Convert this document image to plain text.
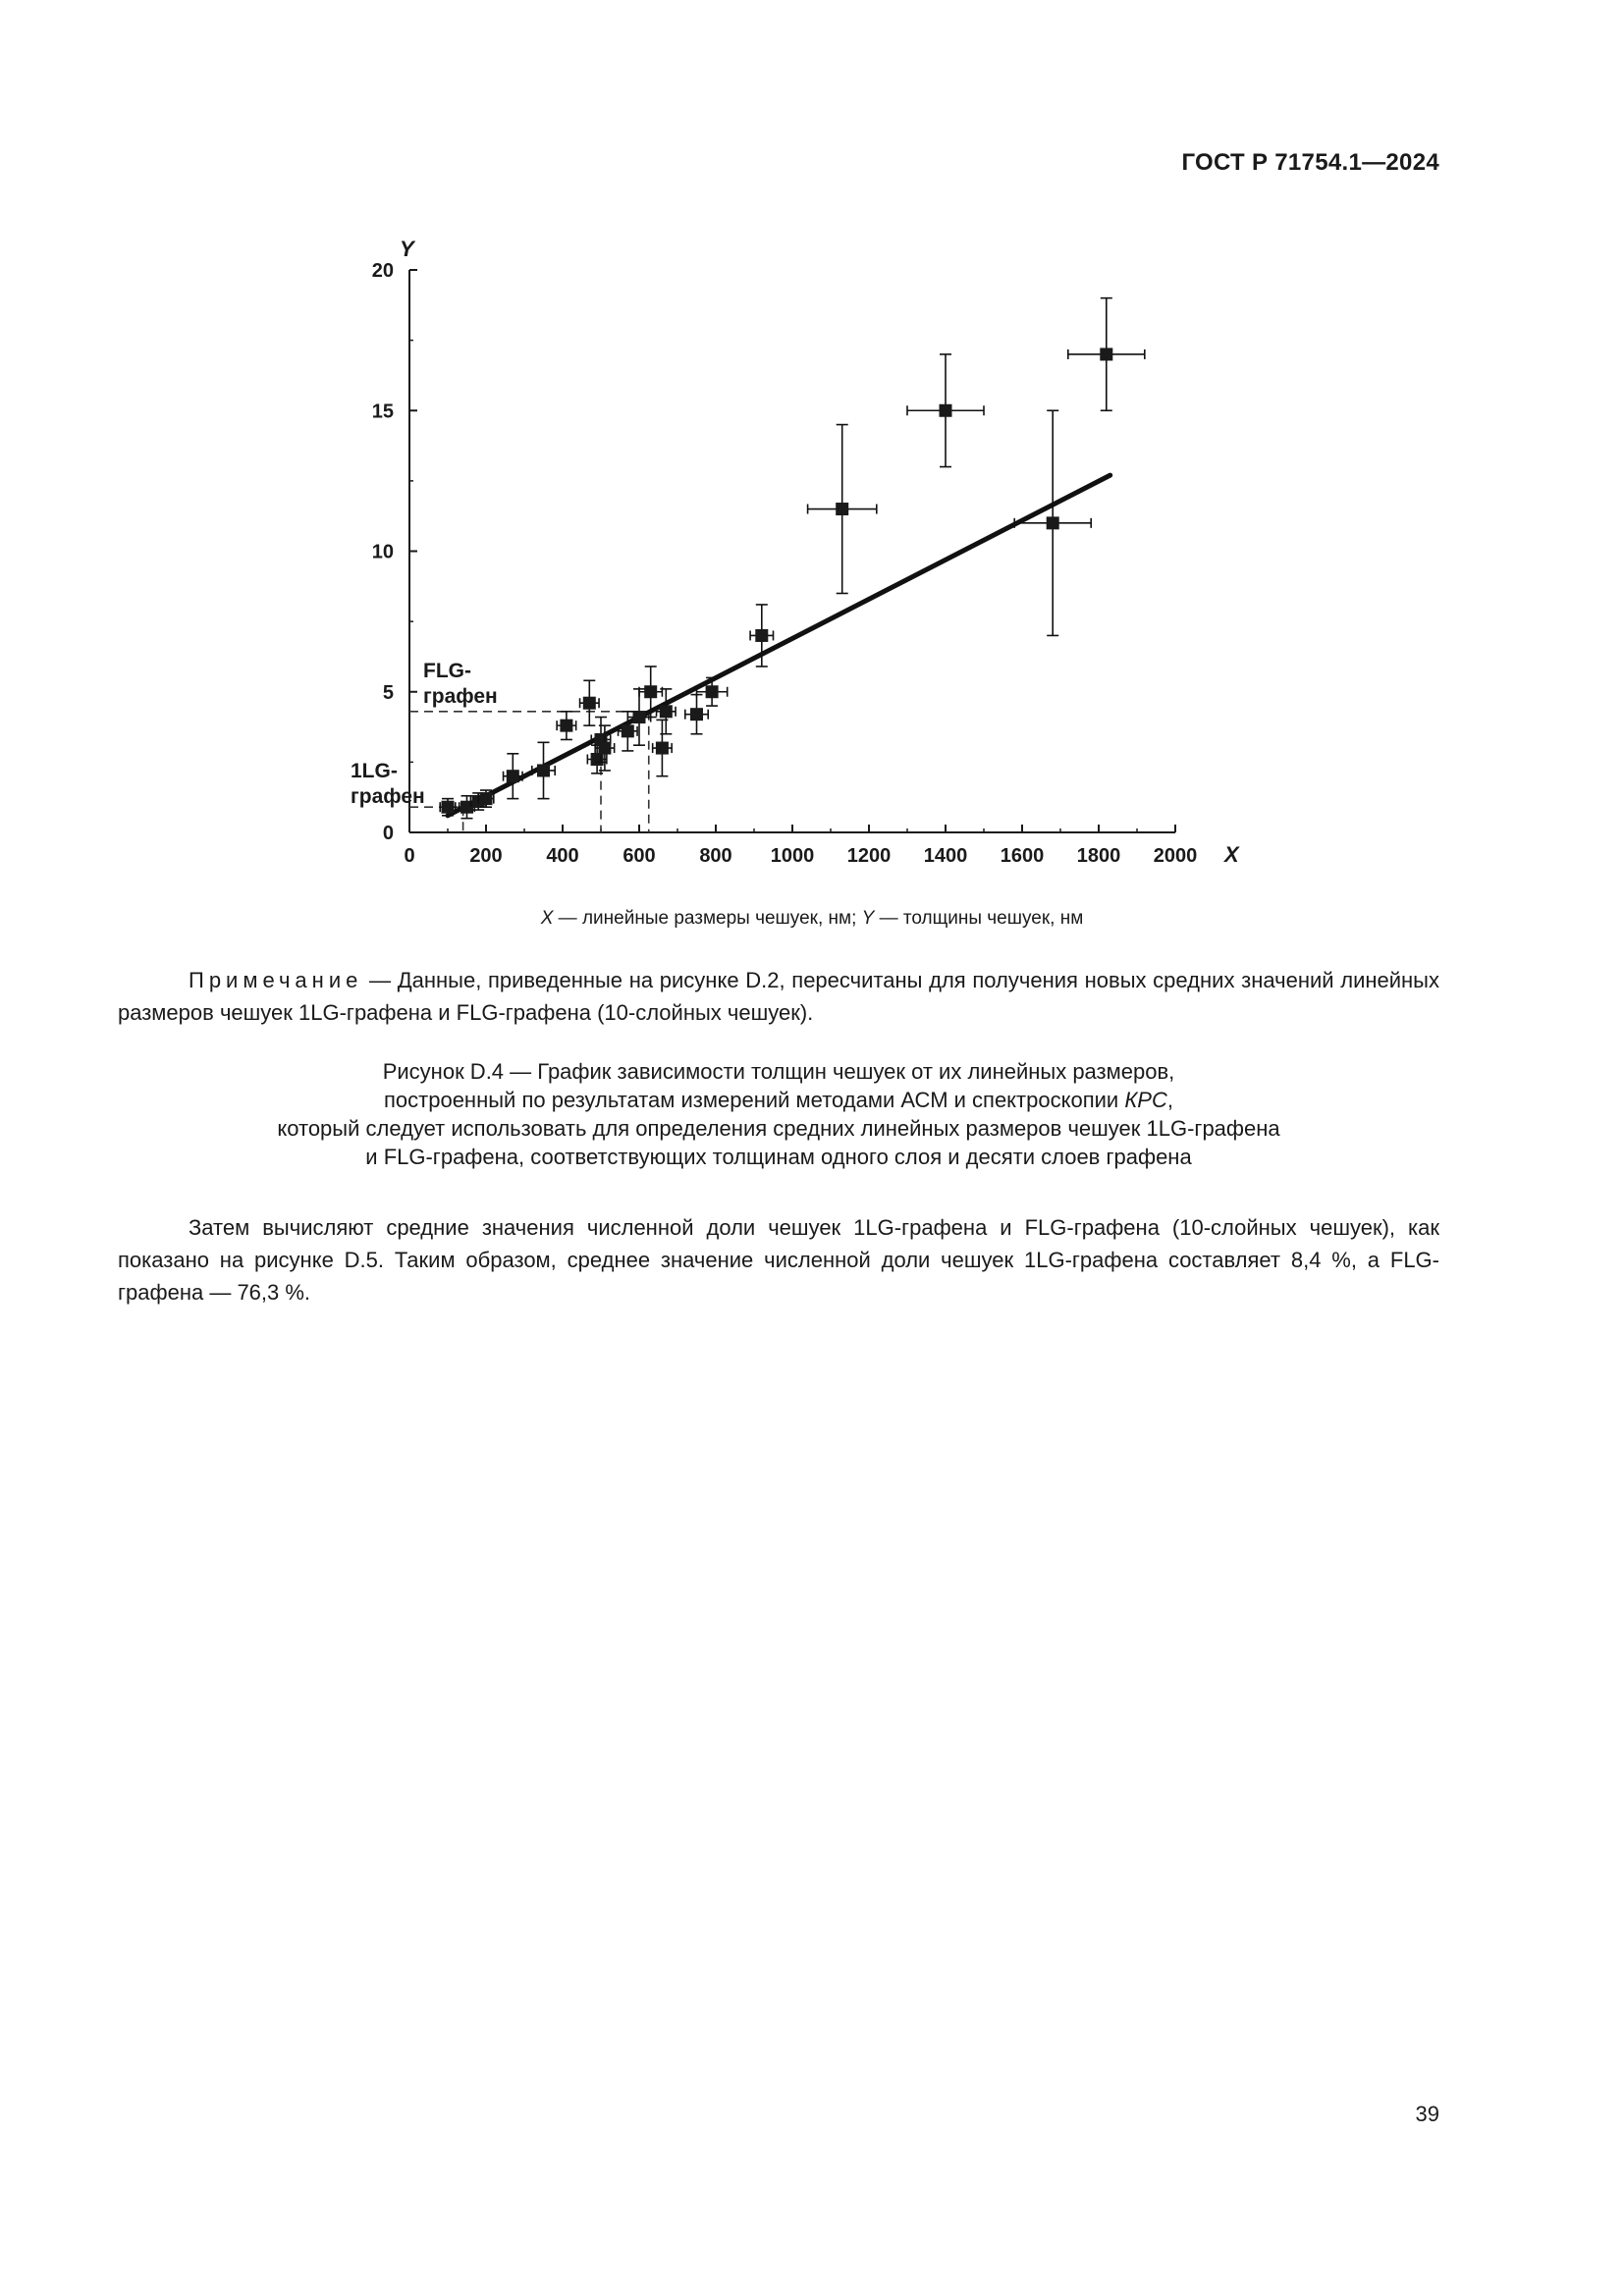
ГОСТ Р 71754.1—2024
0	200 400 600 800 1000 1200 1400 1600 1800 2000
0
5
10
15
20
X
Y
1LG-
графен
FLG-
графен
X — линейные размеры чешуек, нм; Y — толщины чешуек, нм
Примечание — Данные, приведенные на рисунке D.2, пересчитаны для получения новых средних значений линейных размеров чешуек 1LG-графена и FLG-графена (10-слойных чешуек).
Рисунок D.4 — График зависимости толщин чешуек от их линейных размеров,
построенный по результатам измерений методами АСМ и спектроскопии КРС,
который следует использовать для определения средних линейных размеров чешуек 1LG-графена
и FLG-графена, соответствующих толщинам одного слоя и десяти слоев графена
Затем вычисляют средние значения численной доли чешуек 1LG-графена и FLG-графена (10-слойных чешуек), как показано на рисунке D.5. Таким образом, среднее значение численной доли чешуек 1LG-графена составляет 8,4 %, а FLG-графена — 76,3 %.
39
